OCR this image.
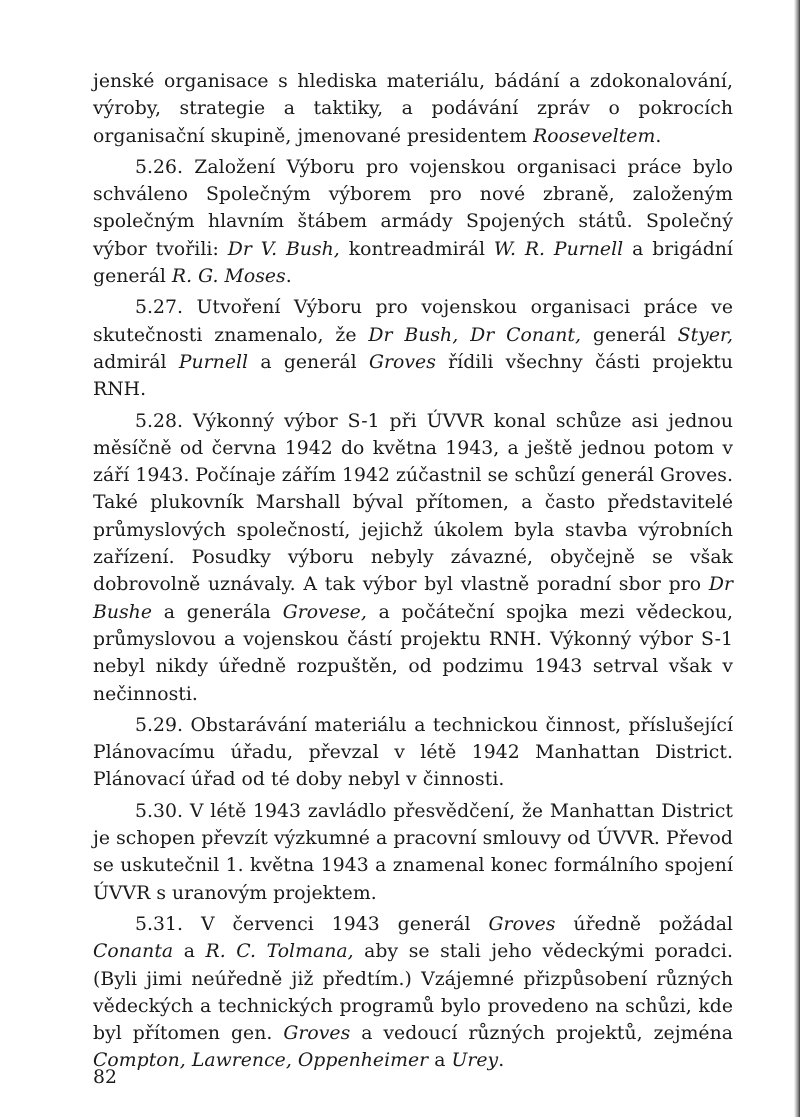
jenské organisace s hlediska materiálu, bádání a zdokonalování, výroby, strategie a taktiky, a podávání zpráv o pokrocích organisační skupině, jmenované presidentem Rooseveltem.

5.26. Založení Výboru pro vojenskou organisaci práce bylo schváleno Společným výborem pro nové zbraně, založeným společným hlavním štábem armády Spojených států. Společný výbor tvořili: Dr V. Bush, kontreadmirál W. R. Purnell a brigádní generál R. G. Moses.

5.27. Utvoření Výboru pro vojenskou organisaci práce ve skutečnosti znamenalo, že Dr Bush, Dr Conant, generál Styer, admirál Purnell a generál Groves řídili všechny části projektu RNH.

5.28. Výkonný výbor S-1 při ÚVVR konal schůze asi jednou měsíčně od června 1942 do května 1943, a ještě jednou potom v září 1943. Počínaje zářím 1942 zúčastnil se schůzí generál Groves. Také plukovník Marshall býval přítomen, a často představitelé průmyslových společností, jejichž úkolem byla stavba výrobních zařízení. Posudky výboru nebyly závazné, obyčejně se však dobrovolně uznávaly. A tak výbor byl vlastně poradní sbor pro Dr Bushe a generála Grovese, a počáteční spojka mezi vědeckou, průmyslovou a vojenskou částí projektu RNH. Výkonný výbor S-1 nebyl nikdy úředně rozpuštěn, od podzimu 1943 setrval však v nečinnosti.

5.29. Obstarávání materiálu a technickou činnost, příslušející Plánovacímu úřadu, převzal v létě 1942 Manhattan District. Plánovací úřad od té doby nebyl v činnosti.

5.30. V létě 1943 zavládlo přesvědčení, že Manhattan District je schopen převzít výzkumné a pracovní smlouvy od ÚVVR. Převod se uskutečnil 1. května 1943 a znamenal konec formálního spojení ÚVVR s uranovým projektem.

5.31. V červenci 1943 generál Groves úředně požádal Conanta a R. C. Tolmana, aby se stali jeho vědeckými poradci. (Byli jimi neúředně již předtím.) Vzájemné přizpůsobení různých vědeckých a technických programů bylo provedeno na schůzi, kde byl přítomen gen. Groves a vedoucí různých projektů, zejména Compton, Lawrence, Oppenheimer a Urey.

82
